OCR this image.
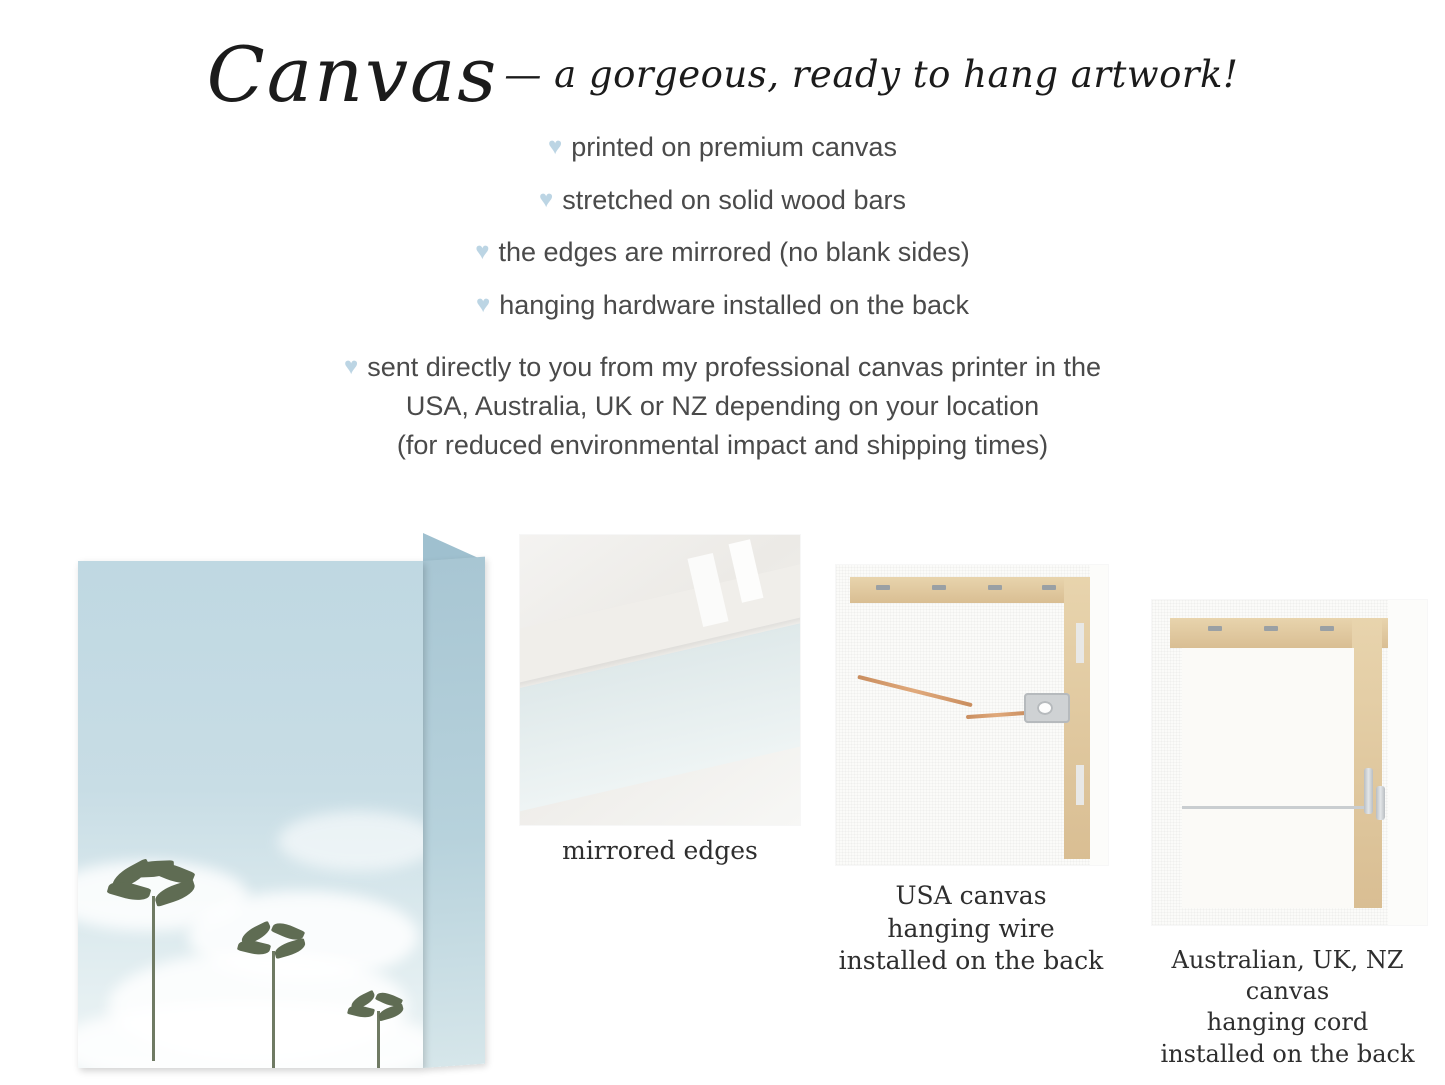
Canvas — a gorgeous, ready to hang artwork!
♥ printed on premium canvas
♥ stretched on solid wood bars
♥ the edges are mirrored (no blank sides)
♥ hanging hardware installed on the back
♥ sent directly to you from my professional canvas printer in the
USA, Australia, UK or NZ depending on your location
(for reduced environmental impact and shipping times)
mirrored edges
USA canvas
hanging wire
installed on the back	Australian, UK, NZ
canvas
hanging cord
installed on the back
